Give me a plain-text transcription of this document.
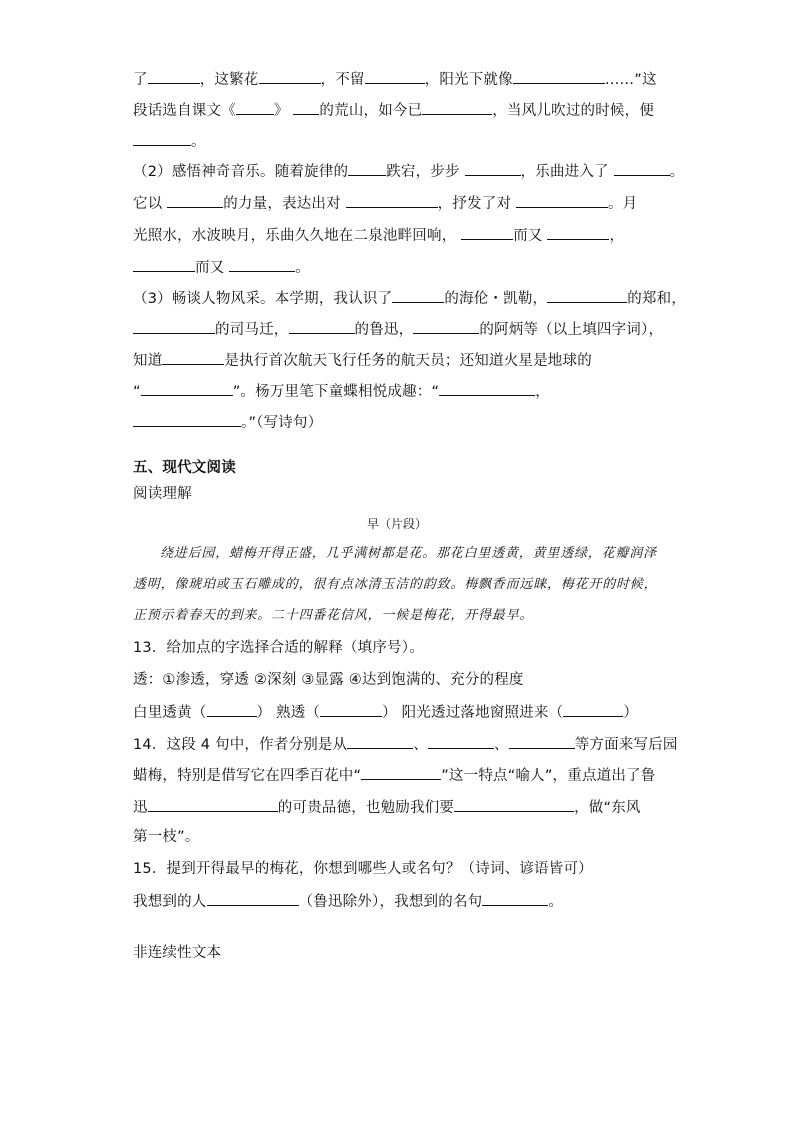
了	，这繁花	，不留	，阳光下就像	……”这
段话选自课文《	》 的荒山，如今已	，当风儿吹过的时候，便
。
（2）感悟神奇音乐。随着旋律的	跌宕，步步	，乐曲进入了	。
它以	的力量，表达出对	，抒发了对	。月
光照水，水波映月，乐曲久久地在二泉池畔回响，	而又	，
而又	。
（3）畅谈人物风采。本学期，我认识了	的海伦・凯勒，	的郑和，
的司马迁，	的鲁迅，	的阿炳等（以上填四字词），
知道	是执行首次航天飞行任务的航天员；还知道火星是地球的
“	”。杨万里笔下童蝶相悦成趣：“	，
。”（写诗句）
五、现代文阅读
阅读理解
早（片段）
绕进后园，蜡梅开得正盛，几乎满树都是花。那花白里透黄，黄里透绿，花瓣润泽
透明，像琥珀或玉石雕成的，很有点冰清玉洁的韵致。梅飘香而远睐，梅花开的时候，
正预示着春天的到来。二十四番花信风，一候是梅花，开得最早。
13．给加点的字选择合适的解释（填序号）。
透：①渗透，穿透 ②深刻 ③显露 ④达到饱满的、充分的程度
白里透黄（	） 熟透（	） 阳光透过落地窗照进来（	）
14．这段 4 句中，作者分别是从	、	、	等方面来写后园
蜡梅，特别是借写它在四季百花中“	”这一特点“喻人”，重点道出了鲁
迅	的可贵品德，也勉励我们要	，做“东风
第一枝”。
15．提到开得最早的梅花，你想到哪些人或名句？（诗词、谚语皆可）
我想到的人	（鲁迅除外），我想到的名句	。
非连续性文本
